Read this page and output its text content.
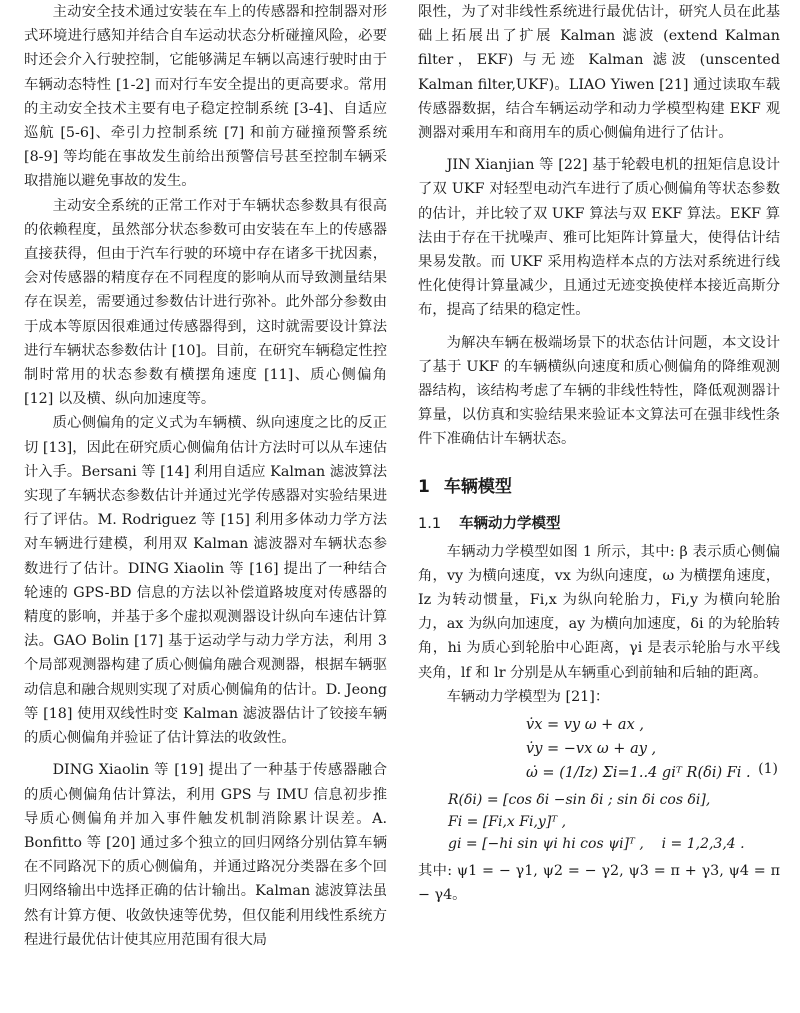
主动安全技术通过安装在车上的传感器和控制器对形式环境进行感知并结合自车运动状态分析碰撞风险，必要时还会介入行驶控制，它能够满足车辆以高速行驶时由于车辆动态特性 [1-2] 而对行车安全提出的更高要求。常用的主动安全技术主要有电子稳定控制系统 [3-4]、自适应巡航 [5-6]、牵引力控制系统 [7] 和前方碰撞预警系统 [8-9] 等均能在事故发生前给出预警信号甚至控制车辆采取措施以避免事故的发生。

主动安全系统的正常工作对于车辆状态参数具有很高的依赖程度，虽然部分状态参数可由安装在车上的传感器直接获得，但由于汽车行驶的环境中存在诸多干扰因素，会对传感器的精度存在不同程度的影响从而导致测量结果存在误差，需要通过参数估计进行弥补。此外部分参数由于成本等原因很难通过传感器得到，这时就需要设计算法进行车辆状态参数估计 [10]。目前，在研究车辆稳定性控制时常用的状态参数有横摆角速度 [11]、质心侧偏角 [12] 以及横、纵向加速度等。

质心侧偏角的定义式为车辆横、纵向速度之比的反正切 [13]，因此在研究质心侧偏角估计方法时可以从车速估计入手。Bersani 等 [14] 利用自适应 Kalman 滤波算法实现了车辆状态参数估计并通过光学传感器对实验结果进行了评估。M. Rodriguez 等 [15] 利用多体动力学方法对车辆进行建模，利用双 Kalman 滤波器对车辆状态参数进行了估计。DING Xiaolin 等 [16] 提出了一种结合轮速的 GPS-BD 信息的方法以补偿道路坡度对传感器的精度的影响，并基于多个虚拟观测器设计纵向车速估计算法。GAO Bolin [17] 基于运动学与动力学方法，利用 3 个局部观测器构建了质心侧偏角融合观测器，根据车辆驱动信息和融合规则实现了对质心侧偏角的估计。D. Jeong 等 [18] 使用双线性时变 Kalman 滤波器估计了铰接车辆的质心侧偏角并验证了估计算法的收敛性。

DING Xiaolin 等 [19] 提出了一种基于传感器融合的质心侧偏角估计算法，利用 GPS 与 IMU 信息初步推导质心侧偏角并加入事件触发机制消除累计误差。A. Bonfitto 等 [20] 通过多个独立的回归网络分别估算车辆在不同路况下的质心侧偏角，并通过路况分类器在多个回归网络输出中选择正确的估计输出。Kalman 滤波算法虽然有计算方便、收敛快速等优势，但仅能利用线性系统方程进行最优估计使其应用范围有很大局

限性，为了对非线性系统进行最优估计，研究人员在此基础上拓展出了扩展 Kalman 滤波 (extend Kalman filter，EKF) 与无迹 Kalman 滤波 (unscented Kalman filter,UKF)。LIAO Yiwen [21] 通过读取车载传感器数据，结合车辆运动学和动力学模型构建 EKF 观测器对乘用车和商用车的质心侧偏角进行了估计。

JIN Xianjian 等 [22] 基于轮毂电机的扭矩信息设计了双 UKF 对轻型电动汽车进行了质心侧偏角等状态参数的估计，并比较了双 UKF 算法与双 EKF 算法。EKF 算法由于存在干扰噪声、雅可比矩阵计算量大，使得估计结果易发散。而 UKF 采用构造样本点的方法对系统进行线性化使得计算量减少，且通过无迹变换使样本接近高斯分布，提高了结果的稳定性。

为解决车辆在极端场景下的状态估计问题，本文设计了基于 UKF 的车辆横纵向速度和质心侧偏角的降维观测器结构，该结构考虑了车辆的非线性特性，降低观测器计算量，以仿真和实验结果来验证本文算法可在强非线性条件下准确估计车辆状态。

1 车辆模型
1.1 车辆动力学模型

车辆动力学模型如图 1 所示，其中: β 表示质心侧偏角，vy 为横向速度，vx 为纵向速度，ω 为横摆角速度，Iz 为转动惯量，Fi,x 为纵向轮胎力，Fi,y 为横向轮胎力，ax 为纵向加速度，ay 为横向加速度，δi 的为轮胎转角，hi 为质心到轮胎中心距离，γi 是表示轮胎与水平线夹角，lf 和 lr 分别是从车辆重心到前轴和后轴的距离。

车辆动力学模型为 [21]：

v̇x = vy ω + ax ,
v̇y = −vx ω + ay ,
ω̇ = (1/Iz) Σi=1..4 giᵀ R(δi) Fi . (1)
R(δi) = [cos δi −sin δi ; sin δi cos δi],
Fi = [Fi,x Fi,y]ᵀ ,
gi = [−hi sin ψi hi cos ψi]ᵀ , i = 1,2,3,4 .

其中: ψ1 = − γ1, ψ2 = − γ2, ψ3 = π + γ3, ψ4 = π − γ4。
